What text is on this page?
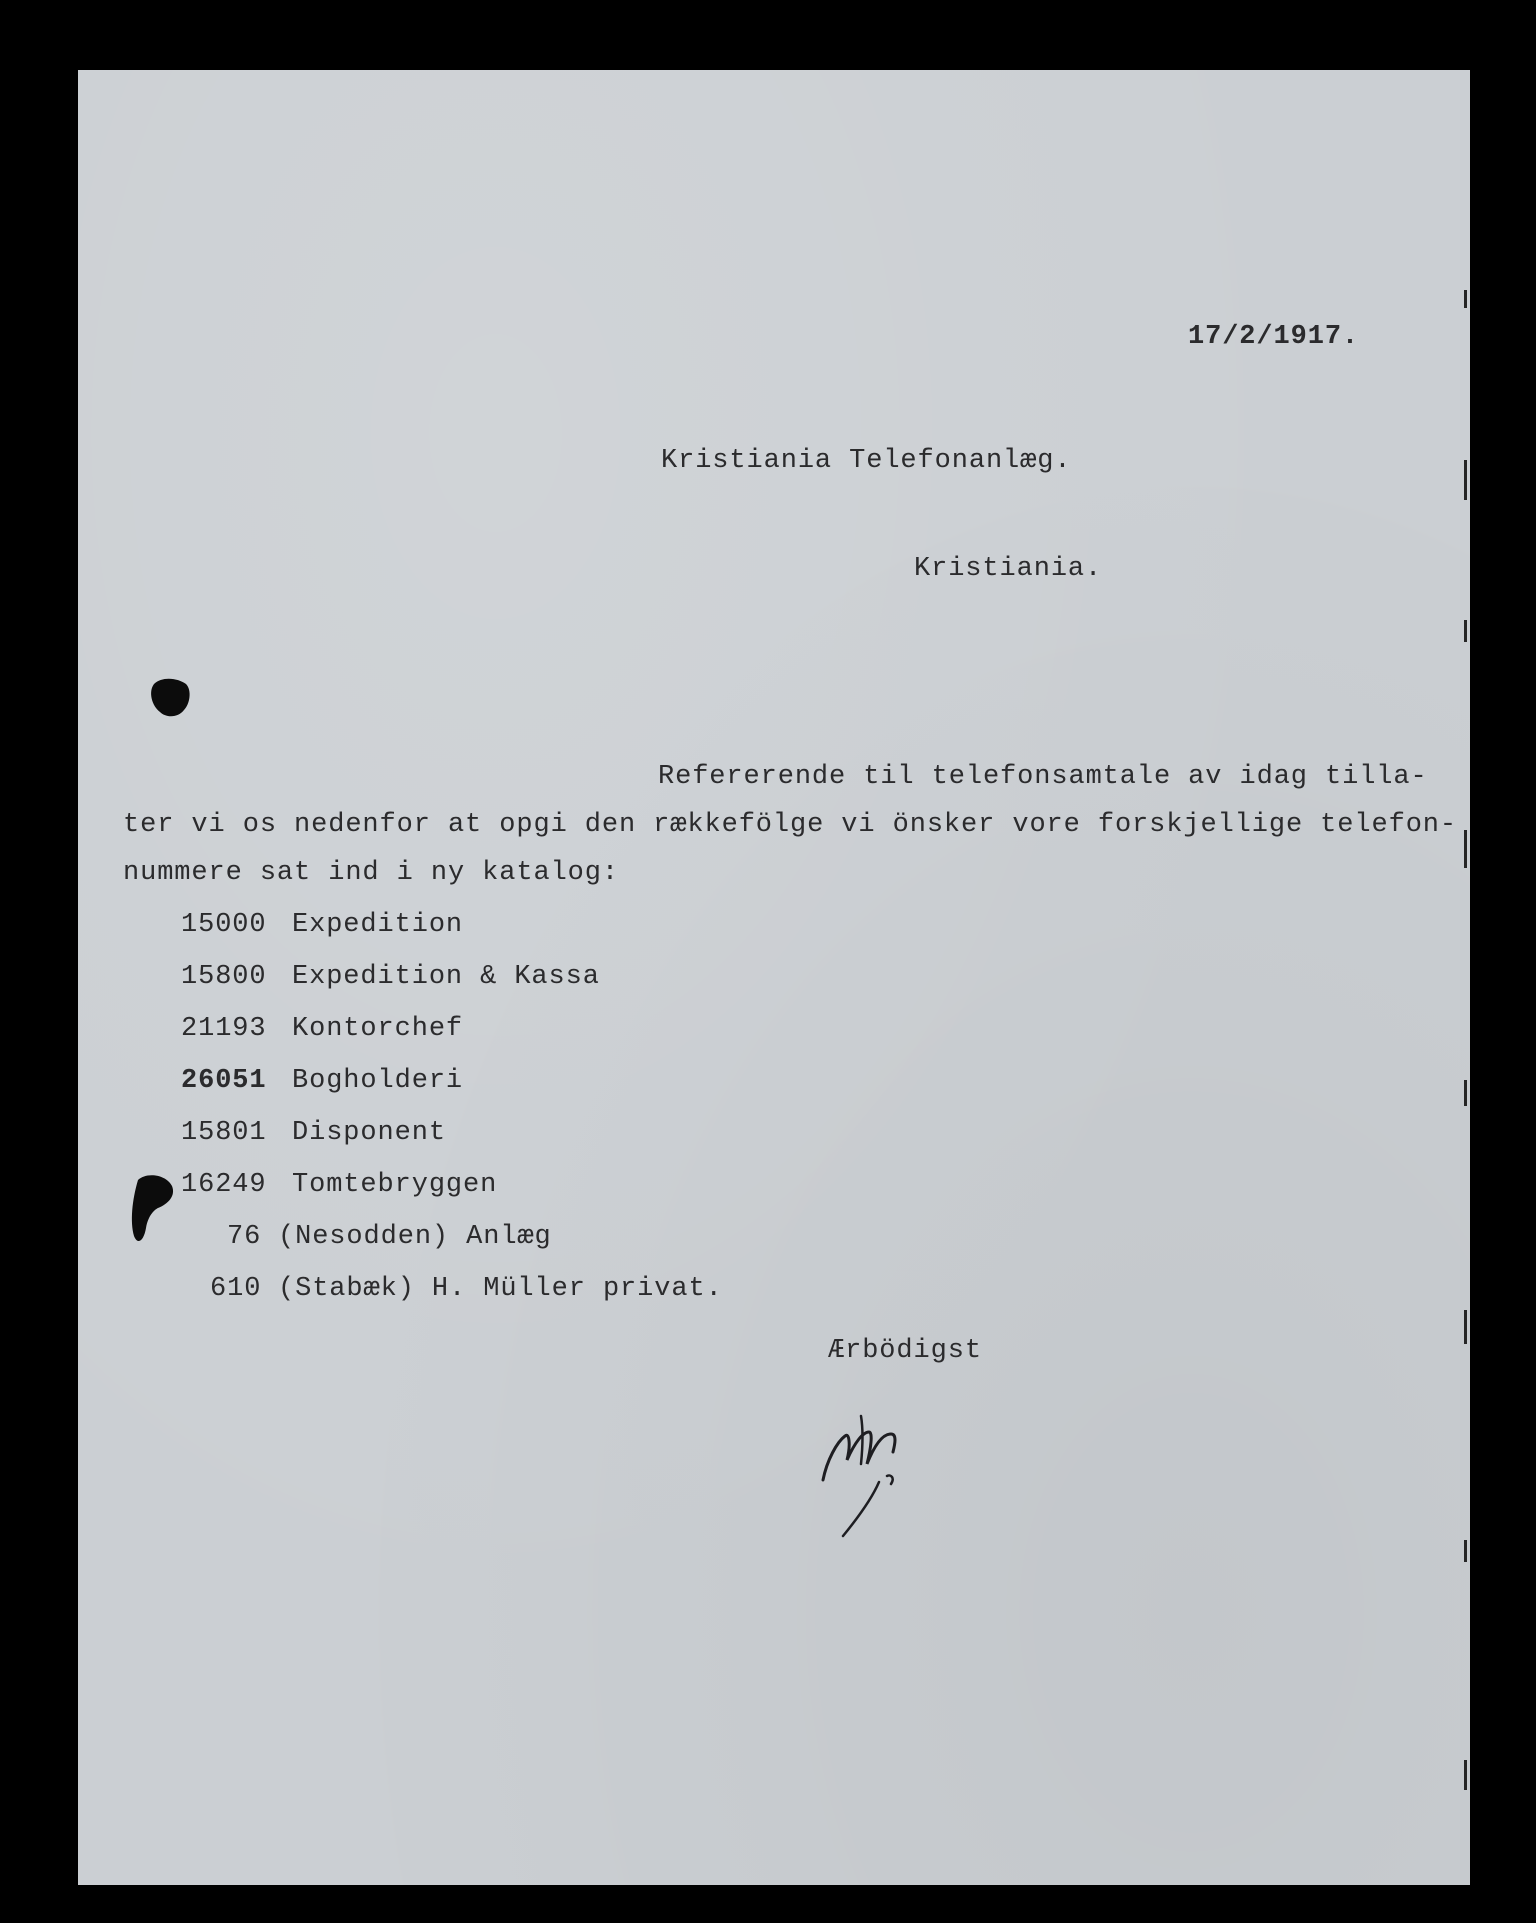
17/2/1917.
Kristiania Telefonanlæg.
Kristiania.
Refererende til telefonsamtale av idag tilla-
ter vi os nedenfor at opgi den rækkefölge vi önsker vore forskjellige telefon-
nummere sat ind i ny katalog:
15000 Expedition
15800 Expedition & Kassa
21193 Kontorchef
26051 Bogholderi
15801 Disponent
16249 Tomtebryggen
76 (Nesodden) Anlæg
610 (Stabæk) H. Müller privat.
Ærbödigst
